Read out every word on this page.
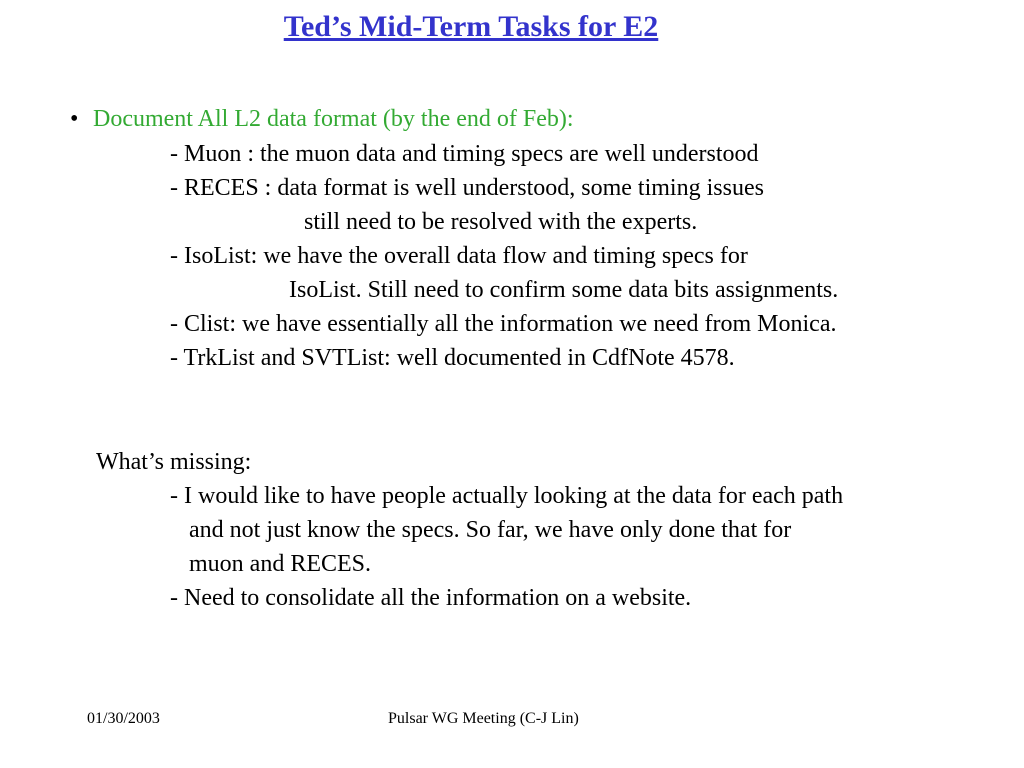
Ted’s Mid-Term Tasks for E2
• Document All L2 data format (by the end of Feb):
- Muon : the muon data and timing specs are well understood
- RECES : data format is well understood, some timing issues
still need to be resolved with the experts.
- IsoList: we have the overall data flow and timing specs for
IsoList. Still need to confirm some data bits assignments.
- Clist: we have essentially all the information we need from Monica.
- TrkList and SVTList: well documented in CdfNote 4578.
What’s missing:
- I would like to have people actually looking at the data for each path
and not just know the specs. So far, we have only done that for
muon and RECES.
- Need to consolidate all the information on a website.
01/30/2003	Pulsar WG Meeting (C-J Lin)
